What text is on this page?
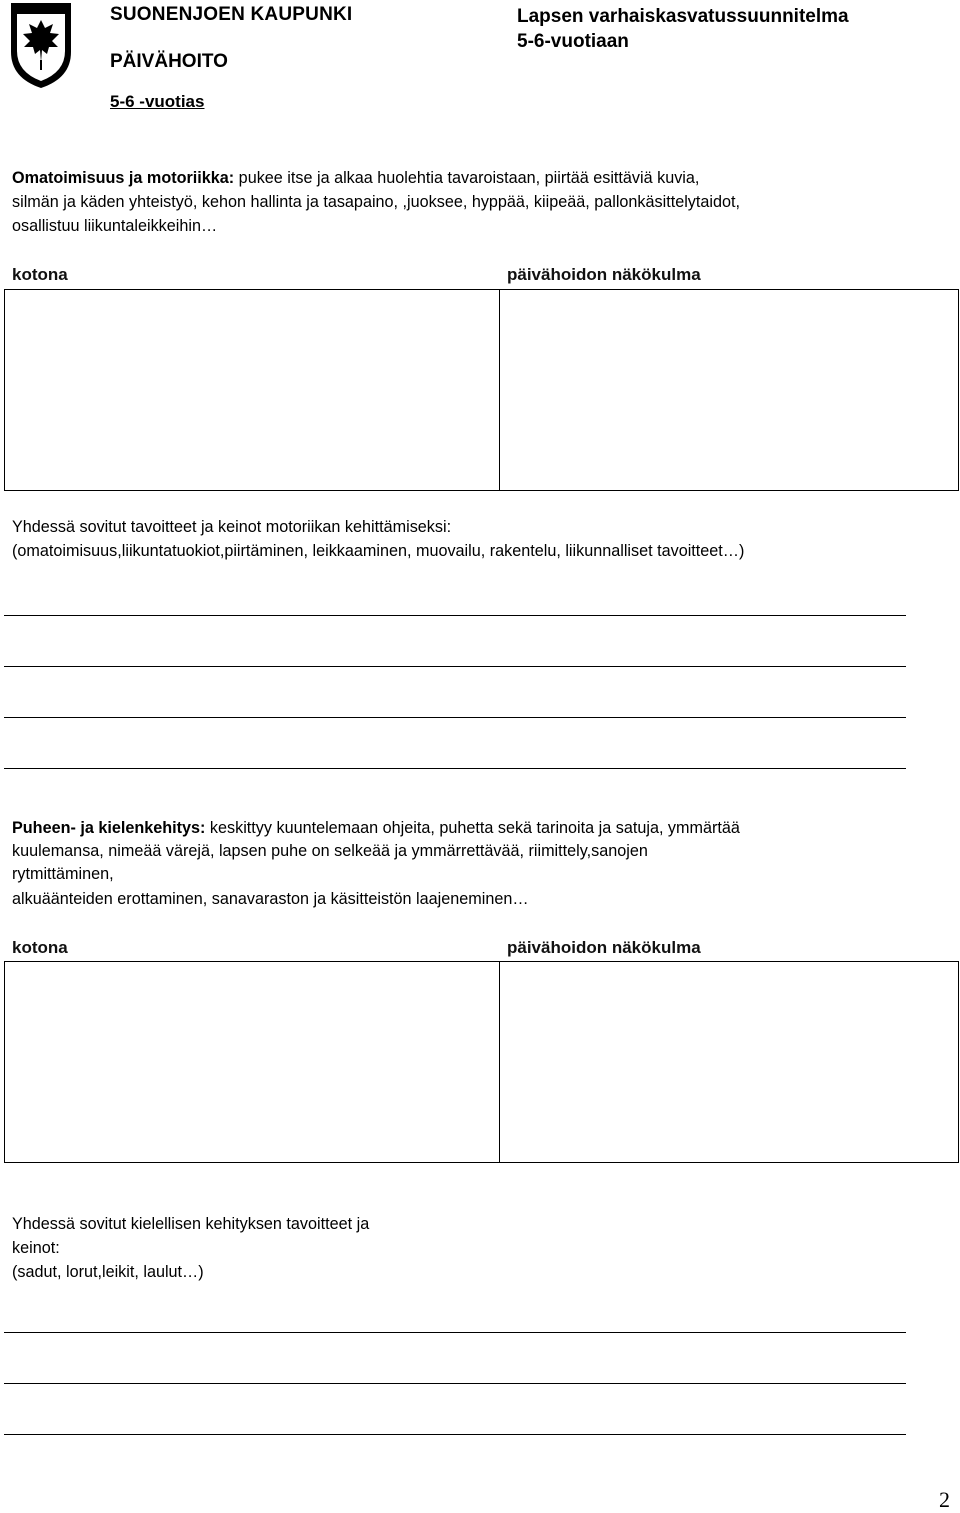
SUONENJOEN KAUPUNKI
PÄIVÄHOITO
Lapsen varhaiskasvatussuunnitelma
5-6-vuotiaan
5-6 -vuotias
Omatoimisuus ja motoriikka: pukee itse ja alkaa huolehtia tavaroistaan, piirtää esittäviä kuvia,
silmän ja käden yhteistyö, kehon hallinta ja tasapaino, ,juoksee, hyppää, kiipeää, pallonkäsittelytaidot,
osallistuu liikuntaleikkeihin…
kotona	päivähoidon näkökulma
Yhdessä sovitut tavoitteet ja keinot motoriikan kehittämiseksi:
(omatoimisuus,liikuntatuokiot,piirtäminen, leikkaaminen, muovailu, rakentelu, liikunnalliset tavoitteet…)
Puheen- ja kielenkehitys: keskittyy kuuntelemaan ohjeita, puhetta sekä tarinoita ja satuja, ymmärtää
kuulemansa, nimeää värejä, lapsen puhe on selkeää ja ymmärrettävää, riimittely,sanojen
rytmittäminen,
alkuäänteiden erottaminen, sanavaraston ja käsitteistön laajeneminen…
kotona	päivähoidon näkökulma
Yhdessä sovitut kielellisen kehityksen tavoitteet ja
keinot:
(sadut, lorut,leikit, laulut…)
2
